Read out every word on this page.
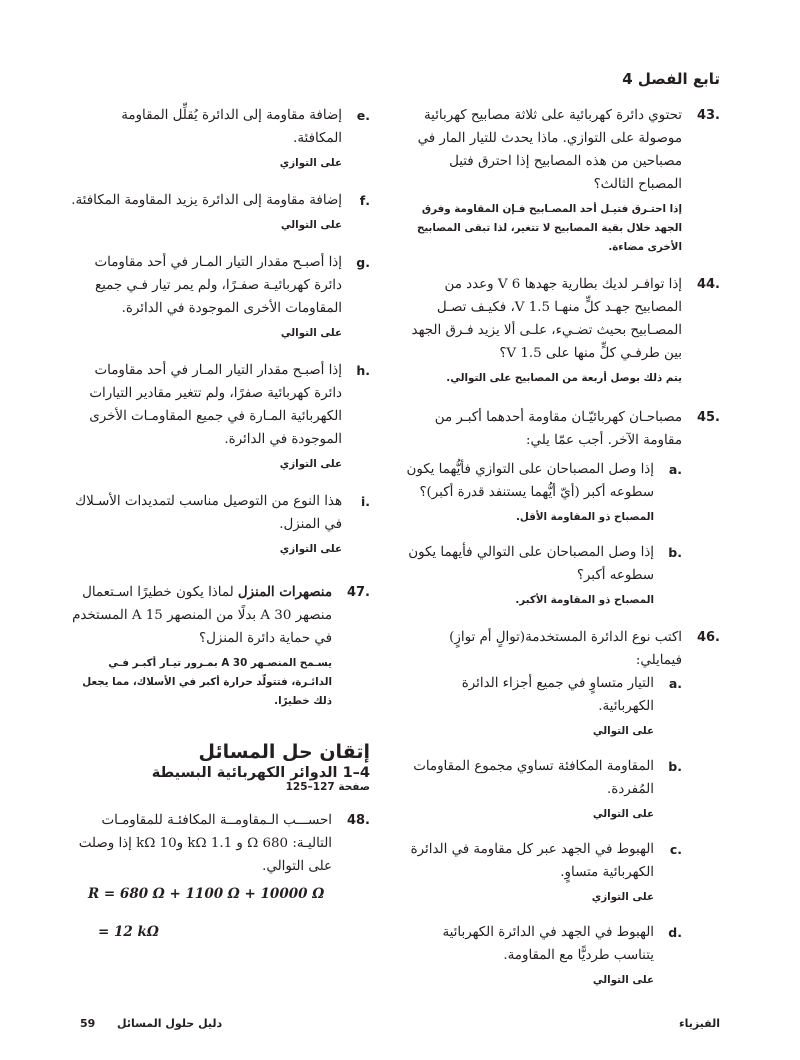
تابع الفصل 4
.43

تحتوي دائرة كهربائية على ثلاثة مصابيح كهربائية موصولة على التوازي. ماذا يحدث للتيار المار في مصباحين من هذه المصابيح إذا احترق فتيل المصباح الثالث؟

إذا احتـرق فتيـل أحد المصـابيح فـإن المقاومة وفرق الجهد خلال بقية المصابيح لا تتغير، لذا تبقى المصابيح الأخرى مضاءة.

.44

إذا توافـر لديك بطارية جهدها 6 V وعدد من المصابيح جهـد كلٍّ منهـا 1.5 V، فكيـف تصـل المصـابيح بحيث تضـيء، علـى ألا يزيد فـرق الجهد بين طرفـي كلٍّ منها على 1.5 V؟

يتم ذلك بوصل أربعة من المصابيح على التوالي.

.45

مصباحـان كهربائيّـان مقاومة أحدهما أكبـر من مقاومة الآخر. أجب عمّا يلي:

.a

إذا وصل المصباحان على التوازي فأيُّهما يكون سطوعه أكبر (أيّ أيُّهما يستنفد قدرة أكبر)؟

المصباح ذو المقاومة الأقل.

.b

إذا وصل المصباحان على التوالي فأيهما يكون سطوعه أكبر؟

المصباح ذو المقاومة الأكبر.

.46

اكتب نوع الدائرة المستخدمة(توالٍ أم توازٍ) فيمايلي:

.a

التيار متساوٍ في جميع أجزاء الدائرة الكهربائية.

على التوالي

.b

المقاومة المكافئة تساوي مجموع المقاومات المُفردة.

على التوالي

.c

الهبوط في الجهد عبر كل مقاومة في الدائرة الكهربائية متساوٍ.

على التوازي

.d

الهبوط في الجهد في الدائرة الكهربائية يتناسب طرديًّا مع المقاومة.

على التوالي

.e

إضافة مقاومة إلى الدائرة يُقلِّل المقاومة المكافئة.

على التوازي

.f

إضافة مقاومة إلى الدائرة يزيد المقاومة المكافئة.

على التوالي

.g

إذا أصبـح مقدار التيار المـار في أحد مقاومات دائرة كهربائيـة صفـرًا، ولم يمر تيار فـي جميع المقاومات الأخرى الموجودة في الدائرة.

على التوالي

.h

إذا أصبـح مقدار التيار المـار في أحد مقاومات دائرة كهربائية صفرًا، ولم تتغير مقادير التيارات الكهربائية المـارة في جميع المقاومـات الأخرى الموجودة في الدائرة.

على التوازي

.i

هذا النوع من التوصيل مناسب لتمديدات الأسـلاك في المنزل.

على التوازي

.47

منصهرات المنزل لماذا يكون خطيرًا اسـتعمال منصهر 30 A بدلًا من المنصهر 15 A المستخدم في حماية دائرة المنزل؟

يسـمح المنصـهر 30 A بمـرور تيـار أكبـر فـي الدائـرة، فتتولّد حرارة أكبر في الأسلاك، مما يجعل ذلك خطيرًا.

إتقان حل المسائل

4–1 الدوائر الكهربائية البسيطة

صفحة 127–125

.48

احســـب الـمقاومــة المكافئـة للمقاومـات التاليـة: 680 Ω و 1.1 kΩ و10 kΩ إذا وصلت على التوالي.

R = 680 Ω + 1100 Ω + 10000 Ω
= 12 kΩ
الفيزياء
دليل حلول المسائل  59
